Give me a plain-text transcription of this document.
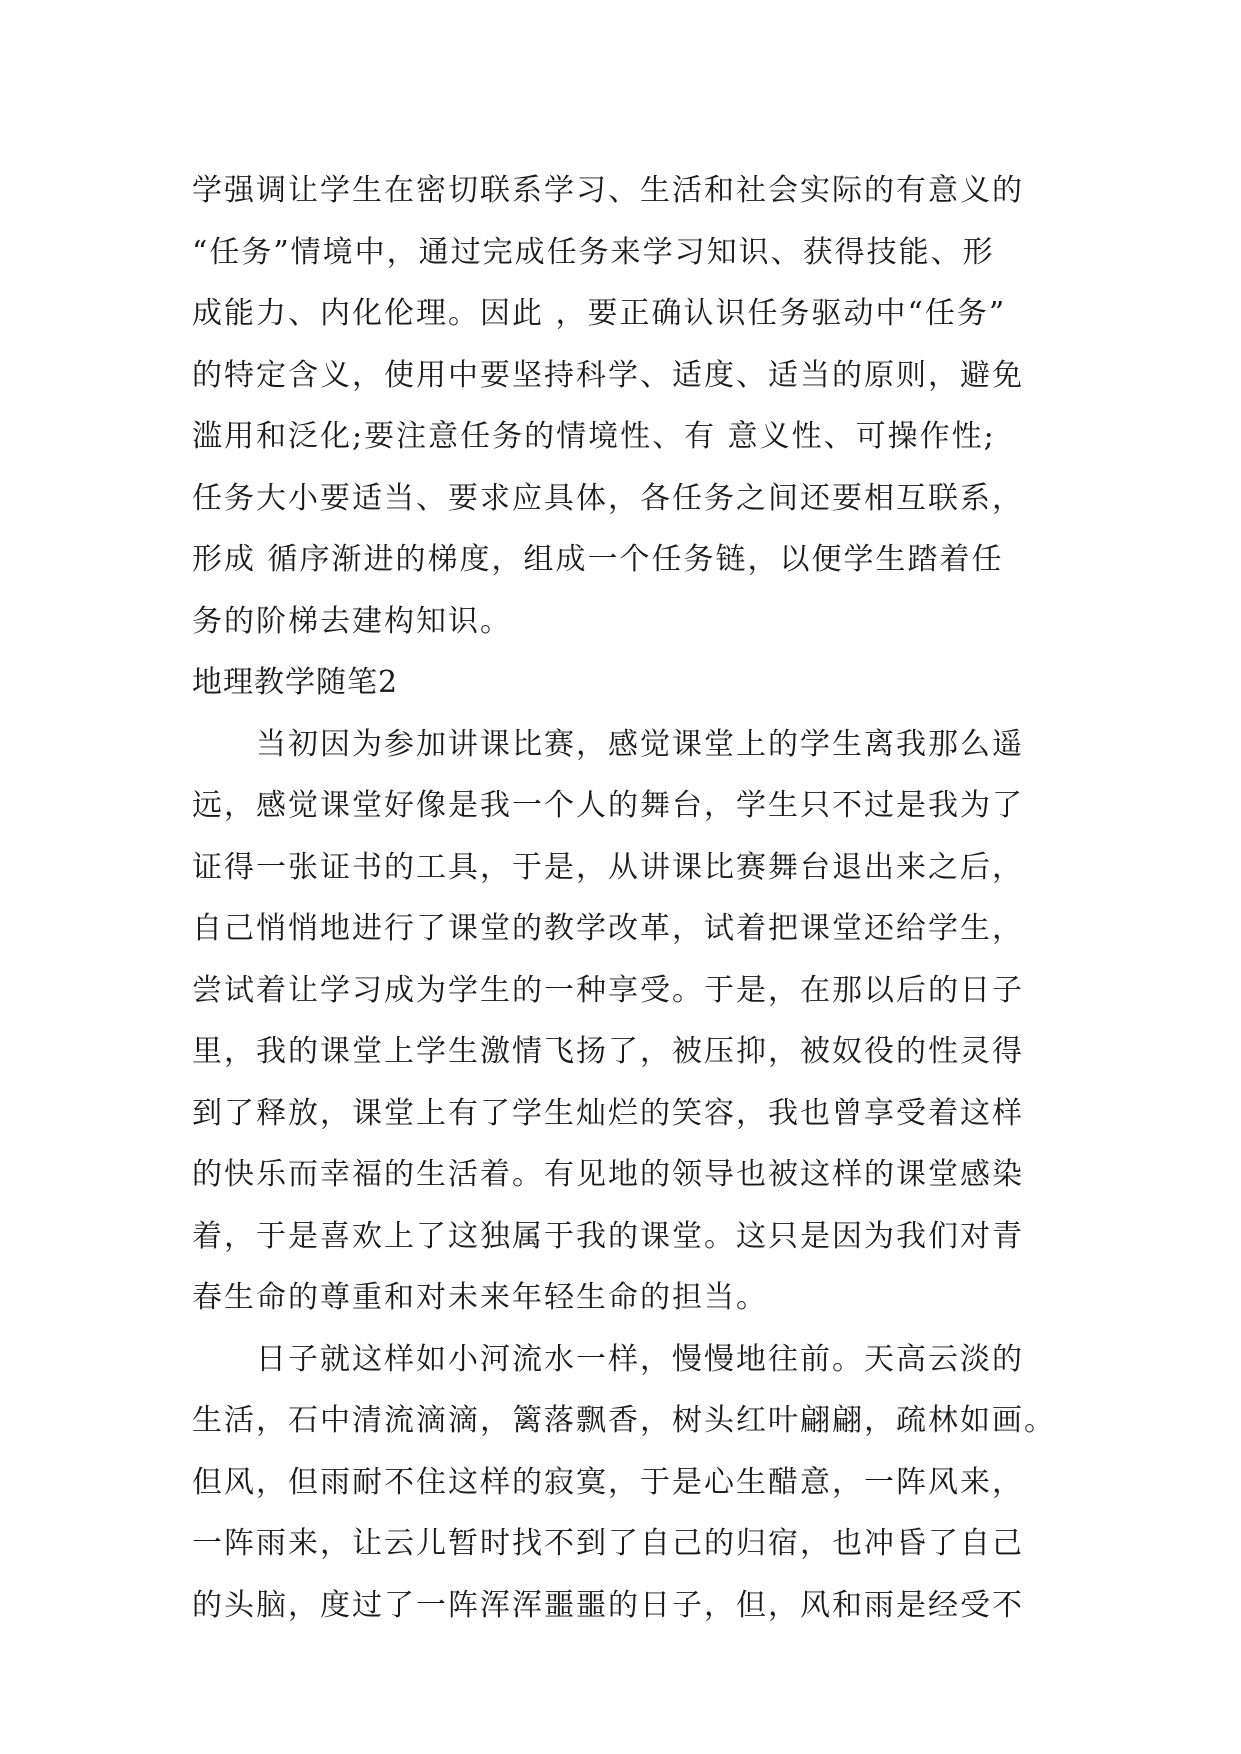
学强调让学生在密切联系学习、生活和社会实际的有意义的
“任务”情境中，通过完成任务来学习知识、获得技能、形
成能力、内化伦理。因此 ，要正确认识任务驱动中“任务”
的特定含义，使用中要坚持科学、适度、适当的原则，避免
滥用和泛化;要注意任务的情境性、有 意义性、可操作性;
任务大小要适当、要求应具体，各任务之间还要相互联系，
形成 循序渐进的梯度，组成一个任务链，以便学生踏着任
务的阶梯去建构知识。
地理教学随笔2
当初因为参加讲课比赛，感觉课堂上的学生离我那么遥
远，感觉课堂好像是我一个人的舞台，学生只不过是我为了
证得一张证书的工具，于是，从讲课比赛舞台退出来之后，
自己悄悄地进行了课堂的教学改革，试着把课堂还给学生，
尝试着让学习成为学生的一种享受。于是，在那以后的日子
里，我的课堂上学生激情飞扬了，被压抑，被奴役的性灵得
到了释放，课堂上有了学生灿烂的笑容，我也曾享受着这样
的快乐而幸福的生活着。有见地的领导也被这样的课堂感染
着，于是喜欢上了这独属于我的课堂。这只是因为我们对青
春生命的尊重和对未来年轻生命的担当。
日子就这样如小河流水一样，慢慢地往前。天高云淡的
生活，石中清流滴滴，篱落飘香，树头红叶翩翩，疏林如画。
但风，但雨耐不住这样的寂寞，于是心生醋意，一阵风来，
一阵雨来，让云儿暂时找不到了自己的归宿，也冲昏了自己
的头脑，度过了一阵浑浑噩噩的日子，但，风和雨是经受不
